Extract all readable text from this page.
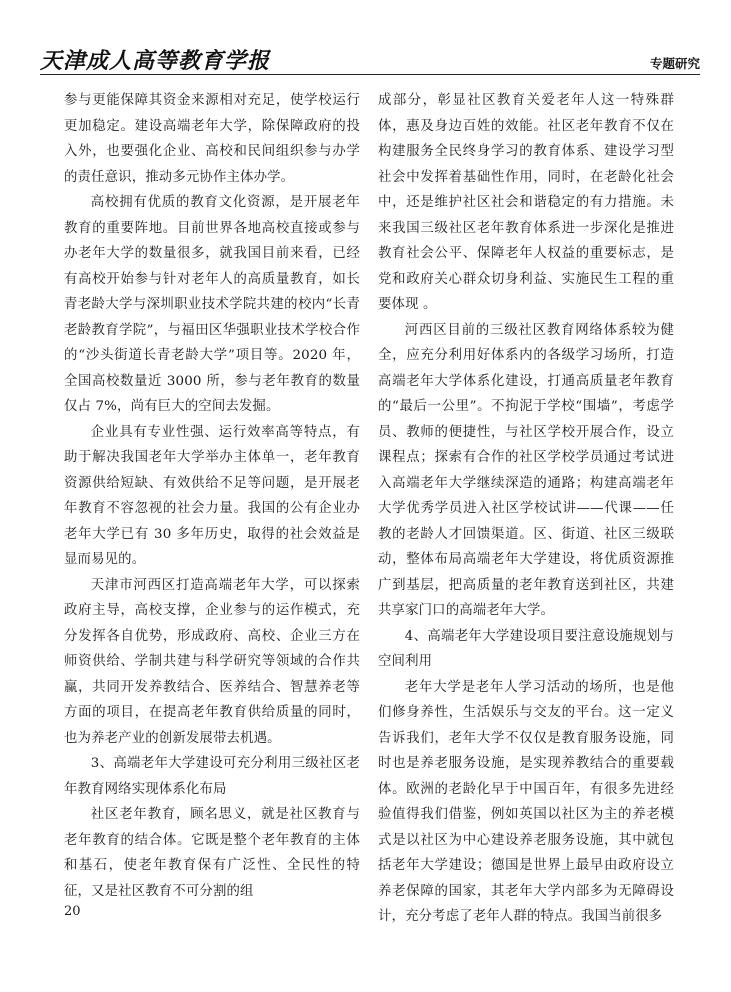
天津成人高等教育学报	专题研究

参与更能保障其资金来源相对充足，使学校运行更加稳定。建设高端老年大学，除保障政府的投入外，也要强化企业、高校和民间组织参与办学的责任意识，推动多元协作主体办学。

高校拥有优质的教育文化资源，是开展老年教育的重要阵地。目前世界各地高校直接或参与办老年大学的数量很多，就我国目前来看，已经有高校开始参与针对老年人的高质量教育，如长青老龄大学与深圳职业技术学院共建的校内“长青老龄教育学院”，与福田区华强职业技术学校合作的“沙头街道长青老龄大学”项目等。2020 年，全国高校数量近 3000 所，参与老年教育的数量仅占 7%，尚有巨大的空间去发掘。

企业具有专业性强、运行效率高等特点，有助于解决我国老年大学举办主体单一，老年教育资源供给短缺、有效供给不足等问题，是开展老年教育不容忽视的社会力量。我国的公有企业办老年大学已有 30 多年历史，取得的社会效益是显而易见的。

天津市河西区打造高端老年大学，可以探索政府主导，高校支撑，企业参与的运作模式，充分发挥各自优势，形成政府、高校、企业三方在师资供给、学制共建与科学研究等领域的合作共赢，共同开发养教结合、医养结合、智慧养老等方面的项目，在提高老年教育供给质量的同时，也为养老产业的创新发展带去机遇。

3、高端老年大学建设可充分利用三级社区老年教育网络实现体系化布局

社区老年教育，顾名思义，就是社区教育与老年教育的结合体。它既是整个老年教育的主体和基石，使老年教育保有广泛性、全民性的特征，又是社区教育不可分割的组

成部分，彰显社区教育关爱老年人这一特殊群体，惠及身边百姓的效能。社区老年教育不仅在构建服务全民终身学习的教育体系、建设学习型社会中发挥着基础性作用，同时，在老龄化社会中，还是维护社区社会和谐稳定的有力措施。未来我国三级社区老年教育体系进一步深化是推进教育社会公平、保障老年人权益的重要标志，是党和政府关心群众切身利益、实施民生工程的重要体现 。

河西区目前的三级社区教育网络体系较为健全，应充分利用好体系内的各级学习场所，打造高端老年大学体系化建设，打通高质量老年教育的“最后一公里”。不拘泥于学校“围墙”，考虑学员、教师的便捷性，与社区学校开展合作，设立课程点；探索有合作的社区学校学员通过考试进入高端老年大学继续深造的通路；构建高端老年大学优秀学员进入社区学校试讲——代课——任教的老龄人才回馈渠道。区、街道、社区三级联动，整体布局高端老年大学建设，将优质资源推广到基层，把高质量的老年教育送到社区，共建共享家门口的高端老年大学。

4、高端老年大学建设项目要注意设施规划与空间利用

老年大学是老年人学习活动的场所，也是他们修身养性，生活娱乐与交友的平台。这一定义告诉我们，老年大学不仅仅是教育服务设施，同时也是养老服务设施，是实现养教结合的重要载体。欧洲的老龄化早于中国百年，有很多先进经验值得我们借鉴，例如英国以社区为主的养老模式是以社区为中心建设养老服务设施，其中就包括老年大学建设；德国是世界上最早由政府设立养老保障的国家，其老年大学内部多为无障碍设计，充分考虑了老年人群的特点。我国当前很多

20
